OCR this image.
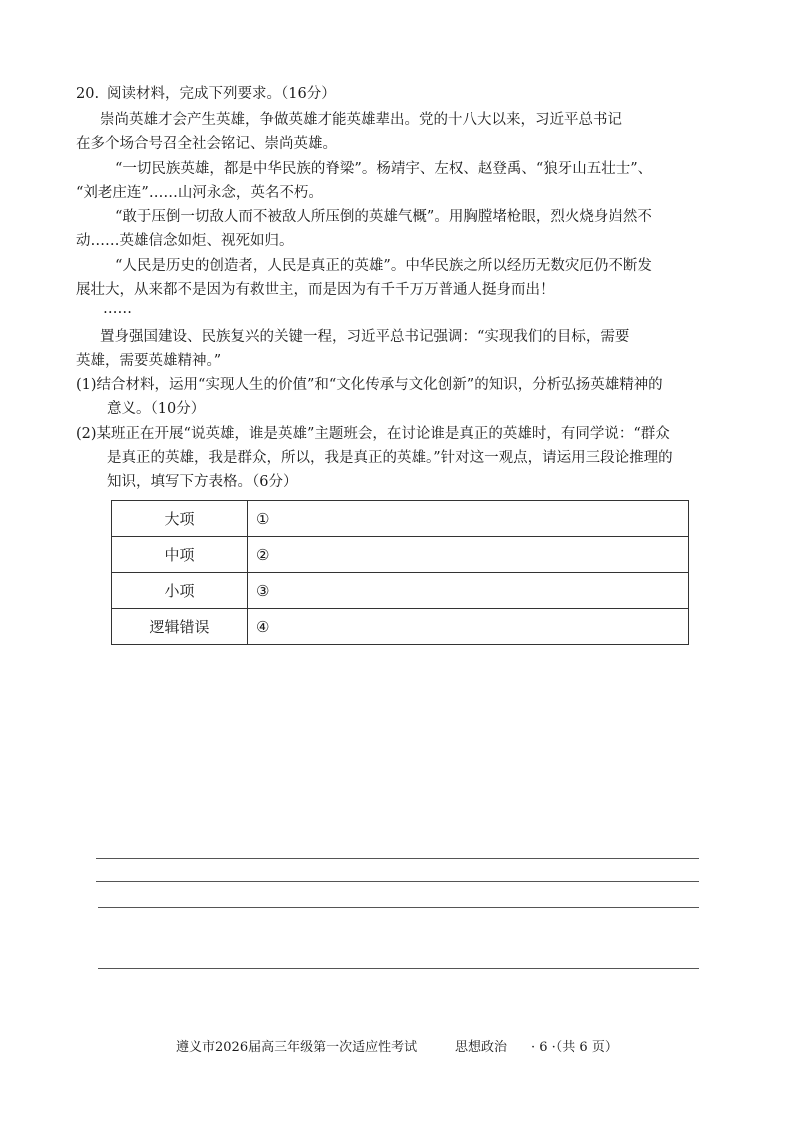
20. 阅读材料，完成下列要求。（16分）
崇尚英雄才会产生英雄，争做英雄才能英雄辈出。党的十八大以来，习近平总书记
在多个场合号召全社会铭记、崇尚英雄。
“一切民族英雄，都是中华民族的脊梁”。杨靖宇、左权、赵登禹、“狼牙山五壮士”、
“刘老庄连”……山河永念，英名不朽。
“敢于压倒一切敌人而不被敌人所压倒的英雄气概”。用胸膛堵枪眼，烈火烧身岿然不
动……英雄信念如炬、视死如归。
“人民是历史的创造者，人民是真正的英雄”。中华民族之所以经历无数灾厄仍不断发
展壮大，从来都不是因为有救世主，而是因为有千千万万普通人挺身而出！
……
置身强国建设、民族复兴的关键一程，习近平总书记强调：“实现我们的目标，需要
英雄，需要英雄精神。”
(1)结合材料，运用“实现人生的价值”和“文化传承与文化创新”的知识，分析弘扬英雄精神的
意义。（10分）
(2)某班正在开展“说英雄，谁是英雄”主题班会，在讨论谁是真正的英雄时，有同学说：“群众
是真正的英雄，我是群众，所以，我是真正的英雄。”针对这一观点，请运用三段论推理的
知识，填写下方表格。（6分）
大项	①
中项	②
小项	③
逻辑错误	④
遵义市2026届高三年级第一次适应性考试	思想政治 · 6 ·（共 6 页）
